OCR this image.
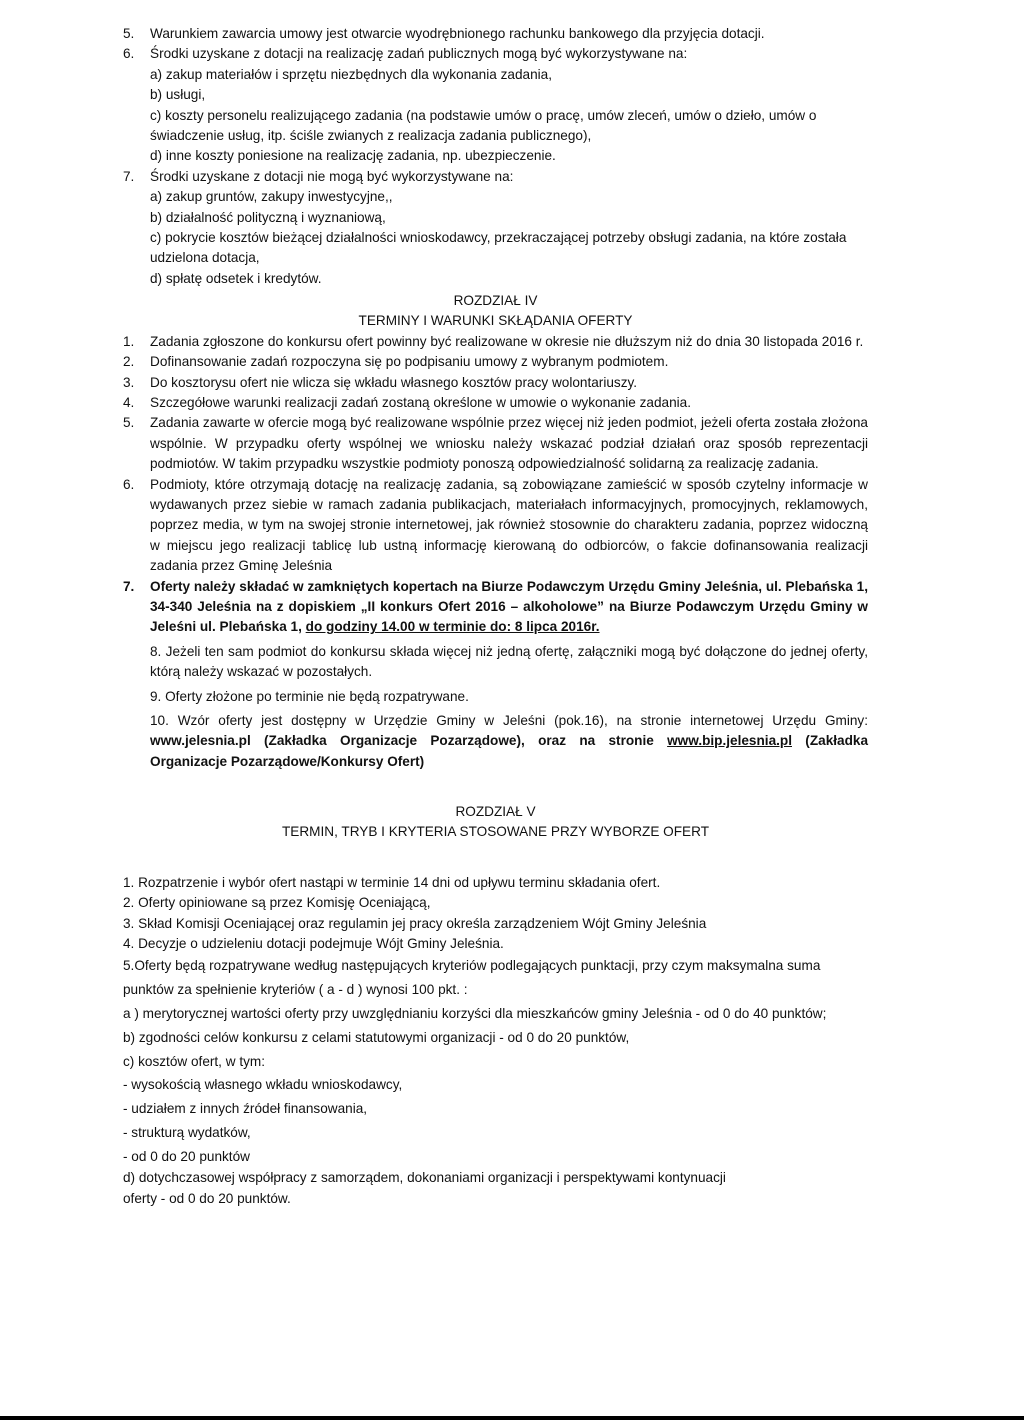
5.	Warunkiem zawarcia umowy jest otwarcie wyodrębnionego rachunku bankowego dla przyjęcia dotacji.
6.	Środki uzyskane z dotacji na realizację zadań publicznych mogą być wykorzystywane na:

a) zakup materiałów i sprzętu niezbędnych dla wykonania zadania,

b) usługi,

c) koszty personelu realizującego zadania (na podstawie umów o pracę, umów zleceń, umów o dzieło, umów o świadczenie usług, itp. ściśle zwianych z realizacja zadania publicznego),

d) inne koszty poniesione na realizację zadania, np. ubezpieczenie.

7.	Środki uzyskane z dotacji nie mogą być wykorzystywane na:

a) zakup gruntów, zakupy inwestycyjne,,

b) działalność polityczną i wyznaniową,

c) pokrycie kosztów bieżącej działalności wnioskodawcy, przekraczającej potrzeby obsługi zadania, na które została udzielona dotacja,

d) spłatę odsetek i kredytów.

ROZDZIAŁ IV
TERMINY I WARUNKI SKŁĄDANIA OFERTY
1.	Zadania zgłoszone do konkursu ofert powinny być realizowane w okresie nie dłuższym niż do dnia 30 listopada 2016 r.
2.	Dofinansowanie zadań rozpoczyna się po podpisaniu umowy z wybranym podmiotem.
3.	Do kosztorysu ofert nie wlicza się wkładu własnego kosztów pracy wolontariuszy.
4.	Szczegółowe warunki realizacji zadań zostaną określone w umowie o wykonanie zadania.
5.	Zadania zawarte w ofercie mogą być realizowane wspólnie przez więcej niż jeden podmiot, jeżeli oferta została złożona wspólnie. W przypadku oferty wspólnej we wniosku należy wskazać podział działań oraz sposób reprezentacji podmiotów. W takim przypadku wszystkie podmioty ponoszą odpowiedzialność solidarną za realizację zadania.
6.	Podmioty, które otrzymają dotację na realizację zadania, są zobowiązane zamieścić w sposób czytelny informacje w wydawanych przez siebie w ramach zadania publikacjach, materiałach informacyjnych, promocyjnych, reklamowych, poprzez media, w tym na swojej stronie internetowej, jak również stosownie do charakteru zadania, poprzez widoczną w miejscu jego realizacji tablicę lub ustną informację kierowaną do odbiorców, o fakcie dofinansowania realizacji zadania przez Gminę Jeleśnia
7.	Oferty należy składać w zamkniętych kopertach na Biurze Podawczym Urzędu Gminy Jeleśnia, ul. Plebańska 1, 34-340 Jeleśnia na z dopiskiem „II konkurs Ofert 2016 – alkoholowe” na Biurze Podawczym Urzędu Gminy w Jeleśni ul. Plebańska 1, do godziny 14.00 w terminie do: 8 lipca 2016r.

8. Jeżeli ten sam podmiot do konkursu składa więcej niż jedną ofertę, załączniki mogą być dołączone do jednej oferty, którą należy wskazać w pozostałych.

9. Oferty złożone po terminie nie będą rozpatrywane.

10. Wzór oferty jest dostępny w Urzędzie Gminy w Jeleśni (pok.16), na stronie internetowej Urzędu Gminy: www.jelesnia.pl (Zakładka Organizacje Pozarządowe), oraz na stronie www.bip.jelesnia.pl (Zakładka Organizacje Pozarządowe/Konkursy Ofert)

ROZDZIAŁ V
TERMIN, TRYB I KRYTERIA STOSOWANE PRZY WYBORZE OFERT

1. Rozpatrzenie i wybór ofert nastąpi w terminie 14 dni od upływu terminu składania ofert.

2. Oferty opiniowane są przez Komisję Oceniającą,

3. Skład Komisji Oceniającej oraz regulamin jej pracy określa zarządzeniem Wójt Gminy Jeleśnia

4. Decyzje o udzieleniu dotacji podejmuje Wójt Gminy Jeleśnia.

5.Oferty będą rozpatrywane według następujących kryteriów podlegających punktacji, przy czym maksymalna suma punktów za spełnienie kryteriów ( a - d ) wynosi 100 pkt. :

a ) merytorycznej wartości oferty przy uwzględnianiu korzyści dla mieszkańców gminy Jeleśnia - od 0 do 40 punktów;

b) zgodności celów konkursu z celami statutowymi organizacji - od 0 do 20 punktów,

c) kosztów ofert, w tym:

- wysokością własnego wkładu wnioskodawcy,

- udziałem z innych źródeł finansowania,

- strukturą wydatków,

- od 0 do 20 punktów

d) dotychczasowej współpracy z samorządem, dokonaniami organizacji i perspektywami kontynuacji oferty - od 0 do 20 punktów.
